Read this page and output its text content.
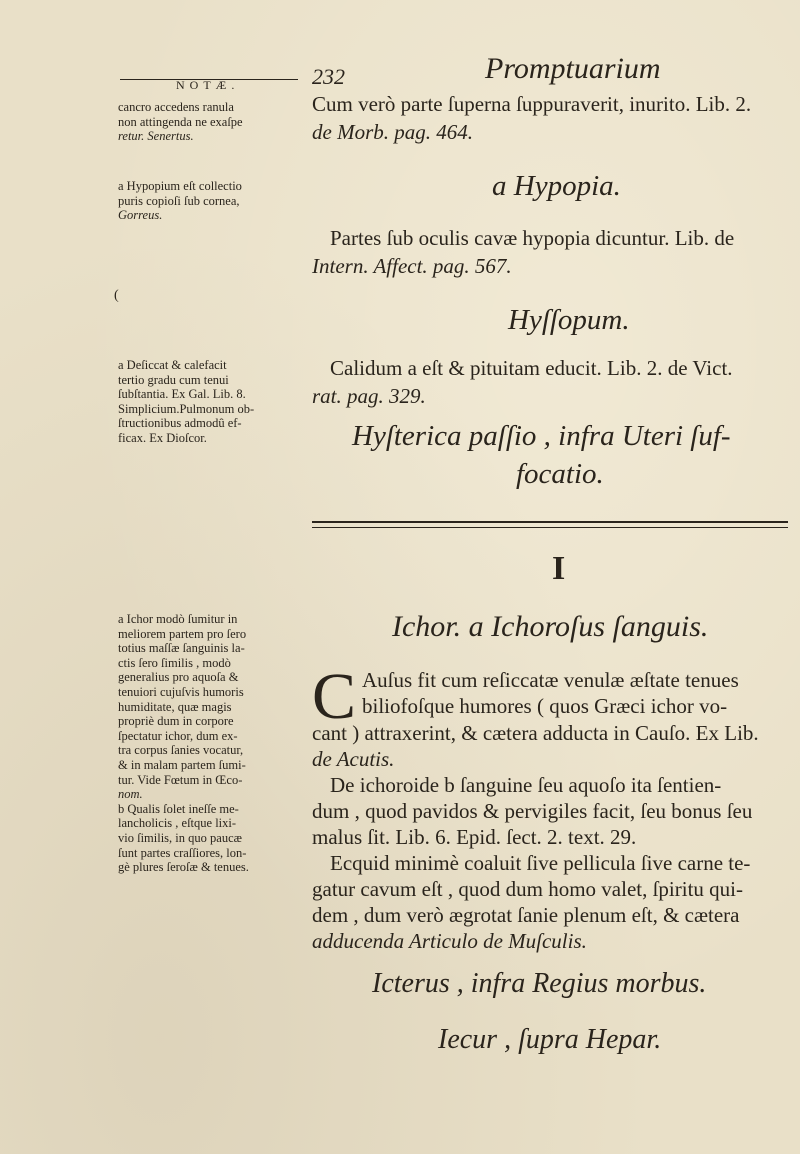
NOTÆ.	232	Promptuarium
cancro accedens ranula
non attingenda ne exaſpe
retur. Senertus.
a Hypopium eſt collectio
puris copioſi ſub cornea,
Gorreus.
(
a Deſiccat & calefacit
tertio gradu cum tenui
ſubſtantia. Ex Gal. Lib. 8.
Simplicium.Pulmonum ob-
ſtructionibus admodû ef-
ficax. Ex Dioſcor.
a Ichor modò ſumitur in
meliorem partem pro ſero
totius maſſæ ſanguinis la-
ctis ſero ſimilis , modò
generalius pro aquoſa &
tenuiori cujuſvis humoris
humiditate, quæ magis
propriè dum in corpore
ſpectatur ichor, dum ex-
tra corpus ſanies vocatur,
& in malam partem ſumi-
tur. Vide Fœtum in Œco-
nom.
b Qualis ſolet ineſſe me-
lancholicis , eſtque lixi-
vio ſimilis, in quo paucæ
ſunt partes craſſiores, lon-
gè plures ſeroſæ & tenues.
Cum verò parte ſuperna ſuppuraverit, inurito. Lib. 2.
de Morb. pag. 464.
a Hypopia.
Partes ſub oculis cavæ hypopia dicuntur. Lib. de
Intern. Affect. pag. 567.
Hyſſopum.
Calidum a eſt & pituitam educit. Lib. 2. de Vict.
rat. pag. 329.
Hyſterica paſſio , infra Uteri ſuf-
focatio.
I
Ichor. a Ichoroſus ſanguis.
C Auſus fit cum reſiccatæ venulæ æſtate tenues
biliofoſque humores ( quos Græci ichor vo-
cant ) attraxerint, & cætera adducta in Cauſo. Ex Lib.
de Acutis.
De ichoroide b ſanguine ſeu aquoſo ita ſentien-
dum , quod pavidos & pervigiles facit, ſeu bonus ſeu
malus ſit. Lib. 6. Epid. ſect. 2. text. 29.
Ecquid minimè coaluit ſive pellicula ſive carne te-
gatur cavum eſt , quod dum homo valet, ſpiritu qui-
dem , dum verò ægrotat ſanie plenum eſt, & cætera
adducenda Articulo de Muſculis.
Icterus , infra Regius morbus.
Iecur , ſupra Hepar.
